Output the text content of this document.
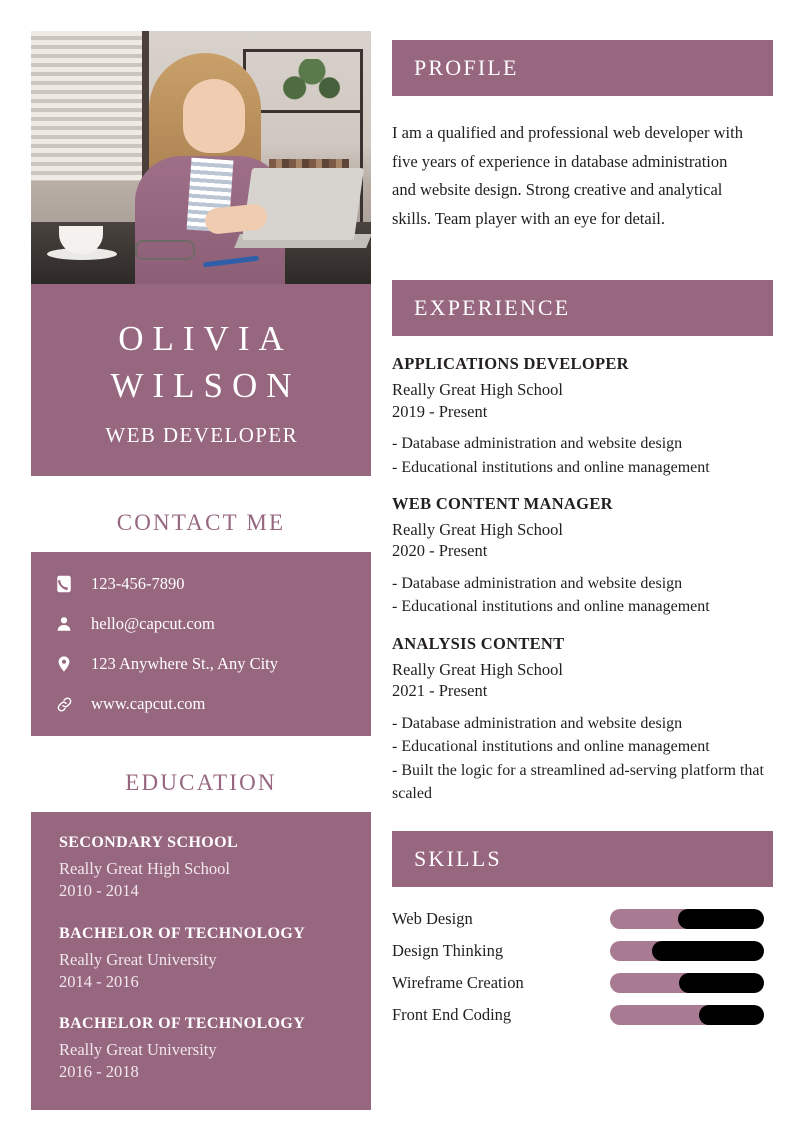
OLIVIA
WILSON
WEB DEVELOPER
CONTACT ME
123-456-7890
hello@capcut.com
123 Anywhere St., Any City
www.capcut.com
EDUCATION
SECONDARY SCHOOL
Really Great High School
2010 - 2014
BACHELOR OF TECHNOLOGY
Really Great University
2014 - 2016
BACHELOR OF TECHNOLOGY
Really Great University
2016 - 2018
PROFILE
I am a qualified and professional web developer with five years of experience in database administration and website design. Strong creative and analytical skills. Team player with an eye for detail.
EXPERIENCE
APPLICATIONS DEVELOPER
Really Great High School
2019 - Present
- Database administration and website design
- Educational institutions and online management
WEB CONTENT MANAGER
Really Great High School
2020 - Present
- Database administration and website design
- Educational institutions and online management
ANALYSIS CONTENT
Really Great High School
2021 - Present
- Database administration and website design
- Educational institutions and online management
- Built the logic for a streamlined ad-serving platform that scaled
SKILLS
Web Design
Design Thinking
Wireframe Creation
Front End Coding
